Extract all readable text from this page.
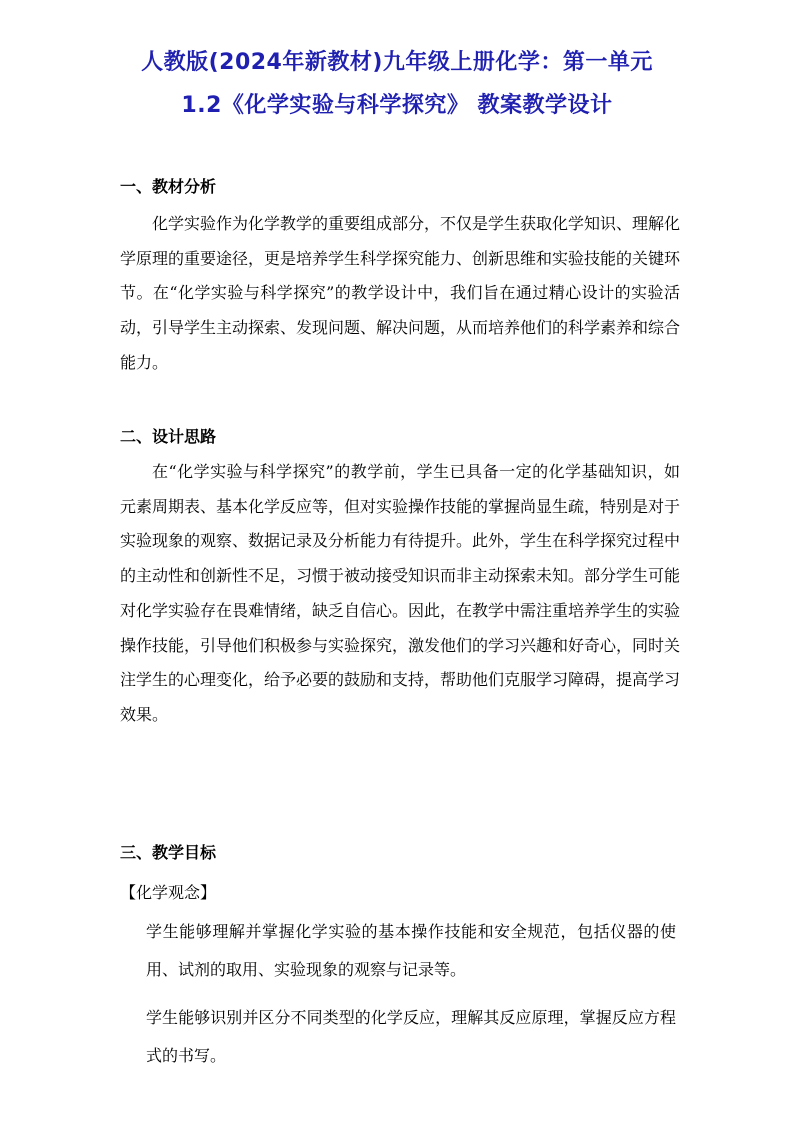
人教版(2024年新教材)九年级上册化学：第一单元
1.2《化学实验与科学探究》 教案教学设计
一、教材分析
化学实验作为化学教学的重要组成部分，不仅是学生获取化学知识、理解化学原理的重要途径，更是培养学生科学探究能力、创新思维和实验技能的关键环节。在“化学实验与科学探究”的教学设计中，我们旨在通过精心设计的实验活动，引导学生主动探索、发现问题、解决问题，从而培养他们的科学素养和综合能力。
二、设计思路
在“化学实验与科学探究”的教学前，学生已具备一定的化学基础知识，如元素周期表、基本化学反应等，但对实验操作技能的掌握尚显生疏，特别是对于实验现象的观察、数据记录及分析能力有待提升。此外，学生在科学探究过程中的主动性和创新性不足，习惯于被动接受知识而非主动探索未知。部分学生可能对化学实验存在畏难情绪，缺乏自信心。因此，在教学中需注重培养学生的实验操作技能，引导他们积极参与实验探究，激发他们的学习兴趣和好奇心，同时关注学生的心理变化，给予必要的鼓励和支持，帮助他们克服学习障碍，提高学习效果。
三、教学目标
【化学观念】
学生能够理解并掌握化学实验的基本操作技能和安全规范，包括仪器的使用、试剂的取用、实验现象的观察与记录等。
学生能够识别并区分不同类型的化学反应，理解其反应原理，掌握反应方程式的书写。
